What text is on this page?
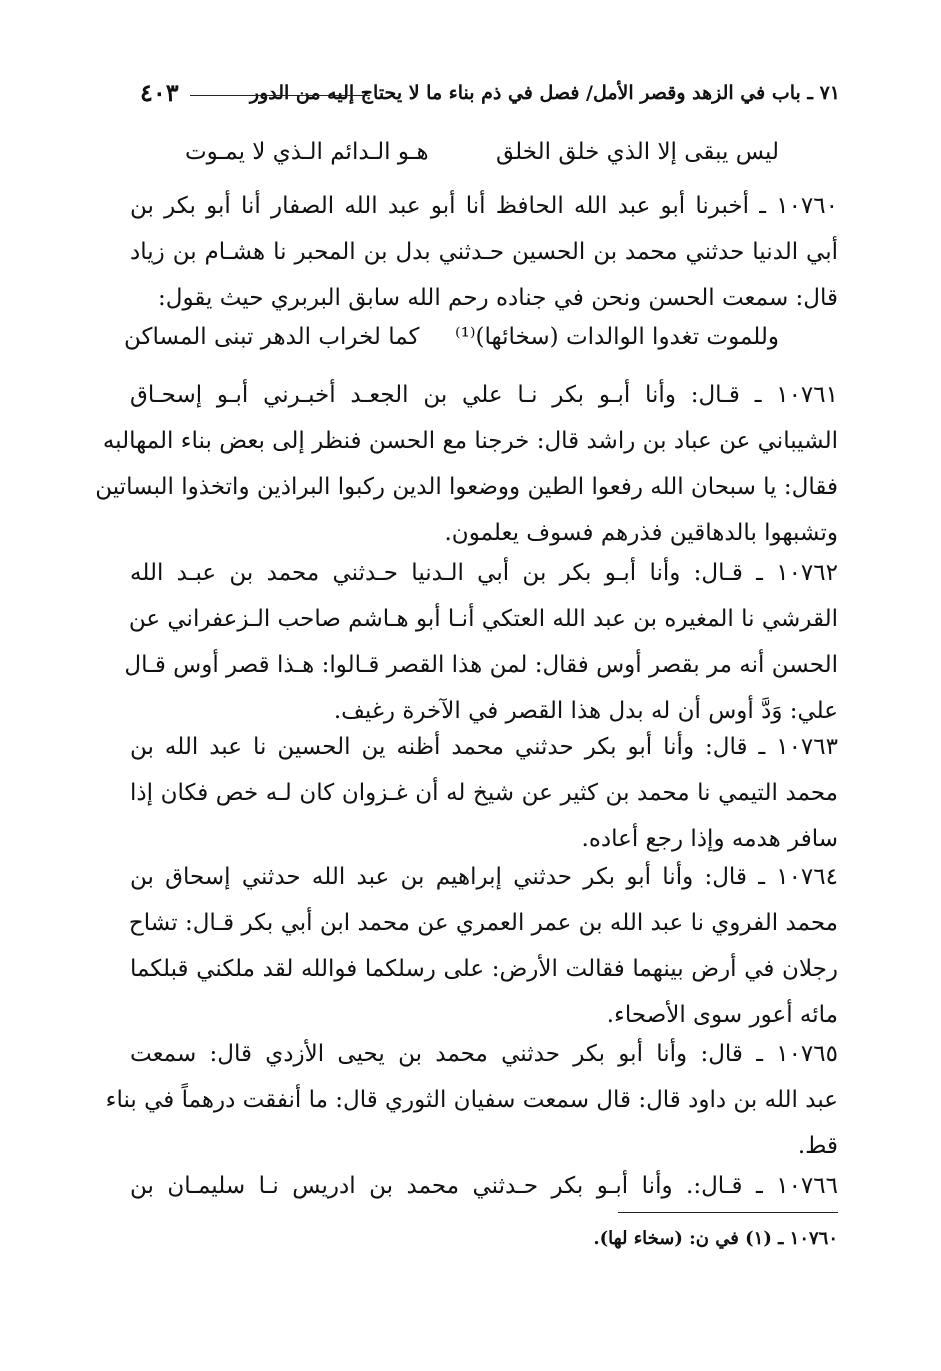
٧١ ـ باب في الزهد وقصر الأمل/ فصل في ذم بناء ما لا يحتاج إليه من الدور
٤٠٣
ليس يبقى إلا الذي خلق الخلق
هـو الـدائم الـذي لا يمـوت
١٠٧٦٠ ـ أخبرنا أبو عبد الله الحافظ أنا أبو عبد الله الصفار أنا أبو بكر بن
أبي الدنيا حدثني محمد بن الحسين حـدثني بدل بن المحبر نا هشـام بن زياد
قال: سمعت الحسن ونحن في جناده رحم الله سابق البربري حيث يقول:
وللموت تغدوا الوالدات (سخائها)⁽¹⁾
كما لخراب الدهر تبنى المساكن
١٠٧٦١ ـ قـال: وأنا أبـو بكر نـا علي بن الجعـد أخبـرني أبـو إسحـاق
الشيباني عن عباد بن راشد قال: خرجنا مع الحسن فنظر إلى بعض بناء المهالبه
فقال: يا سبحان الله رفعوا الطين ووضعوا الدين ركبوا البراذين واتخذوا البساتين
وتشبهوا بالدهاقين فذرهم فسوف يعلمون.
١٠٧٦٢ ـ قـال: وأنا أبـو بكر بن أبي الـدنيا حـدثني محمد بن عبـد الله
القرشي نا المغيره بن عبد الله العتكي أنـا أبو هـاشم صاحب الـزعفراني عن
الحسن أنه مر بقصر أوس فقال: لمن هذا القصر قـالوا: هـذا قصر أوس قـال
علي: وَدَّ أوس أن له بدل هذا القصر في الآخرة رغيف.
١٠٧٦٣ ـ قال: وأنا أبو بكر حدثني محمد أظنه ين الحسين نا عبد الله بن
محمد التيمي نا محمد بن كثير عن شيخ له أن غـزوان كان لـه خص فكان إذا
سافر هدمه وإذا رجع أعاده.
١٠٧٦٤ ـ قال: وأنا أبو بكر حدثني إبراهيم بن عبد الله حدثني إسحاق بن
محمد الفروي نا عبد الله بن عمر العمري عن محمد ابن أبي بكر قـال: تشاح
رجلان في أرض بينهما فقالت الأرض: على رسلكما فوالله لقد ملكني قبلكما
مائه أعور سوى الأصحاء.
١٠٧٦٥ ـ قال: وأنا أبو بكر حدثني محمد بن يحيى الأزدي قال: سمعت
عبد الله بن داود قال: قال سمعت سفيان الثوري قال: ما أنفقت درهماً في بناء
قط.
١٠٧٦٦ ـ قـال:. وأنا أبـو بكر حـدثني محمد بن ادريس نـا سليمـان بن
١٠٧٦٠ ـ (١) في ن: (سخاء لها).
